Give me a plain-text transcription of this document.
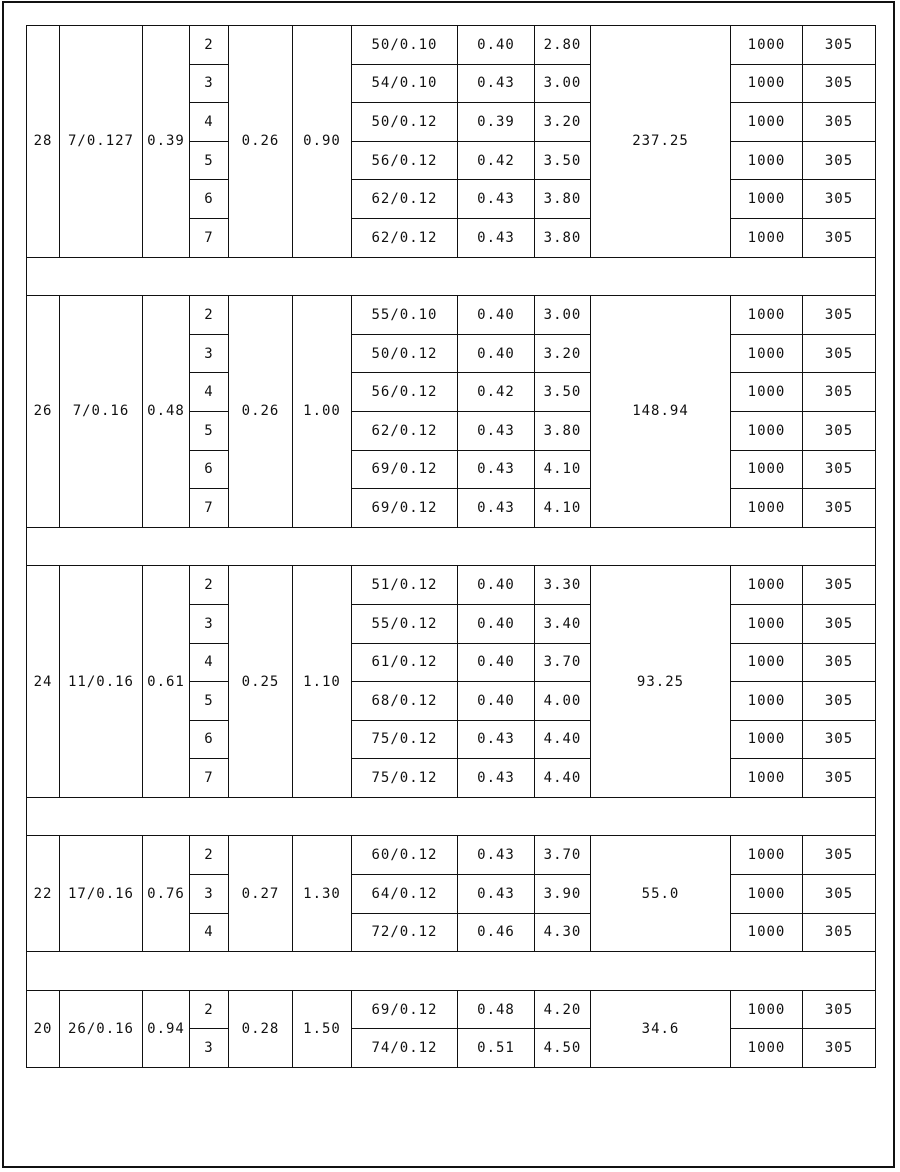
28	7/0.127	0.39	2	0.26	0.90	50/0.10	0.40	2.80	237.25	1000	305
			3			54/0.10	0.43	3.00		1000	305
			4			50/0.12	0.39	3.20		1000	305
			5			56/0.12	0.42	3.50		1000	305
			6			62/0.12	0.43	3.80		1000	305
			7			62/0.12	0.43	3.80		1000	305

26	7/0.16	0.48	2	0.26	1.00	55/0.10	0.40	3.00	148.94	1000	305
			3			50/0.12	0.40	3.20		1000	305
			4			56/0.12	0.42	3.50		1000	305
			5			62/0.12	0.43	3.80		1000	305
			6			69/0.12	0.43	4.10		1000	305
			7			69/0.12	0.43	4.10		1000	305

24	11/0.16	0.61	2	0.25	1.10	51/0.12	0.40	3.30	93.25	1000	305
			3			55/0.12	0.40	3.40		1000	305
			4			61/0.12	0.40	3.70		1000	305
			5			68/0.12	0.40	4.00		1000	305
			6			75/0.12	0.43	4.40		1000	305
			7			75/0.12	0.43	4.40		1000	305

22	17/0.16	0.76	2	0.27	1.30	60/0.12	0.43	3.70	55.0	1000	305
			3			64/0.12	0.43	3.90		1000	305
			4			72/0.12	0.46	4.30		1000	305

20	26/0.16	0.94	2	0.28	1.50	69/0.12	0.48	4.20	34.6	1000	305
			3			74/0.12	0.51	4.50		1000	305
